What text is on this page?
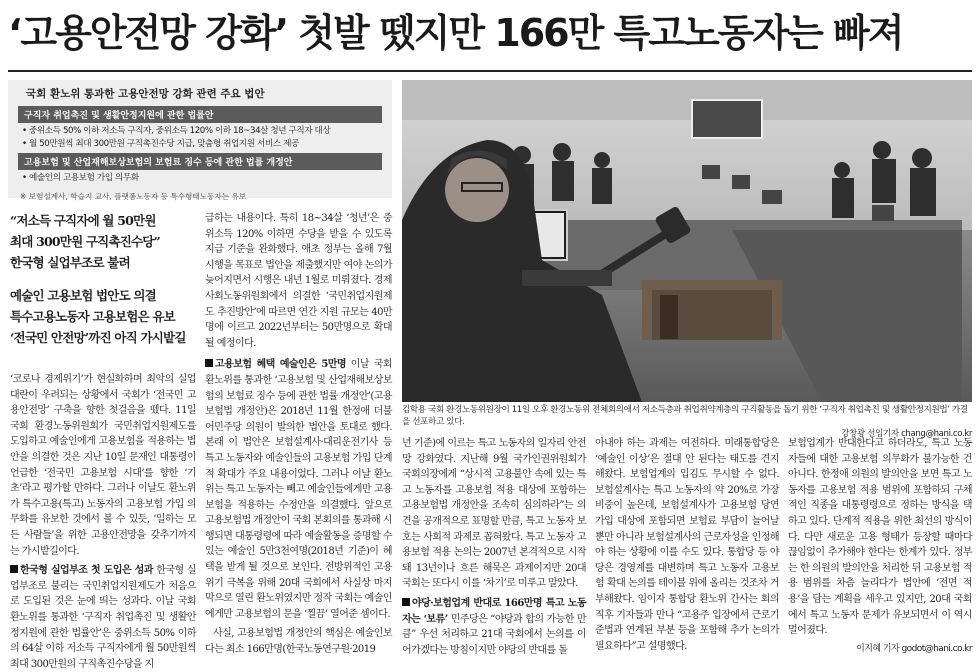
‘고용안전망 강화’ 첫발 뗐지만 166만 특고노동자는 빠져
국회 환노위 통과한 고용안전망 강화 관련 주요 법안
구직자 취업촉진 및 생활안정지원에 관한 법률안
• 중위소득 50% 이하 저소득 구직자, 중위소득 120% 이하 18~34살 청년 구직자 대상
• 월 50만원씩 최대 300만원 구직촉진수당 지급, 맞춤형 취업지원 서비스 제공
고용보험 및 산업재해보상보험의 보험료 징수 등에 관한 법률 개정안
• 예술인의 고용보험 가입 의무화
※ 보험설계사, 학습지 교사, 플랫폼노동자 등 특수형태노동자는 유보
“저소득 구직자에 월 50만원
최대 300만원 구직촉진수당”
한국형 실업부조로 불려
예술인 고용보험 법안도 의결
특수고용노동자 고용보험은 유보
‘전국민 안전망’까진 아직 가시밭길

‘코로나 경제위기’가 현실화하며 최악의 실업대란이 우려되는 상황에서 국회가 ‘전국민 고용안전망’ 구축을 향한 첫걸음을 뗐다. 11일 국회 환경노동위원회가 국민취업지원제도를 도입하고 예술인에게 고용보험을 적용하는 법안을 의결한 것은 지난 10일 문재인 대통령이 언급한 ‘전국민 고용보험 시대’를 향한 ‘기초’라고 평가할 만하다. 그러나 이날도 환노위가 특수고용(특고) 노동자의 고용보험 가입 의무화를 유보한 것에서 볼 수 있듯, ‘일하는 모든 사람들’을 위한 고용안전망을 갖추기까지는 가시밭길이다.

한국형 실업부조 첫 도입은 성과 한국형 실업부조로 불리는 국민취업지원제도가 처음으로 도입된 것은 눈에 띄는 성과다. 이날 국회 환노위를 통과한 ‘구직자 취업촉진 및 생활안정지원에 관한 법률안’은 중위소득 50% 이하의 64살 이하 저소득 구직자에게 월 50만원씩 최대 300만원의 구직촉진수당을 지

급하는 내용이다. 특히 18~34살 ‘청년’은 중위소득 120% 이하면 수당을 받을 수 있도록 지급 기준을 완화했다. 애초 정부는 올해 7월 시행을 목표로 법안을 제출했지만 여야 논의가 늦어지면서 시행은 내년 1월로 미뤄졌다. 경제사회노동위원회에서 의결한 ‘국민취업지원제도 추진방안’에 따르면 연간 지원 규모는 40만명에 이르고 2022년부터는 50만명으로 확대될 예정이다.

고용보험 혜택 예술인은 5만명 이날 국회 환노위를 통과한 ‘고용보험 및 산업재해보상보험의 보험료 징수 등에 관한 법률 개정안’(고용보험법 개정안)은 2018년 11월 한정애 더불어민주당 의원이 발의한 법안을 토대로 했다. 본래 이 법안은 보험설계사·대리운전기사 등 특고 노동자와 예술인들의 고용보험 가입 단계적 확대가 주요 내용이었다. 그러나 이날 환노위는 특고 노동자는 빼고 예술인들에게만 고용보험을 적용하는 수정안을 의결했다. 앞으로 고용보험법 개정안이 국회 본회의를 통과해 시행되면 대통령령에 따라 예술활동을 증명할 수 있는 예술인 5만3천여명(2018년 기준)이 혜택을 받게 될 것으로 보인다. 전방위적인 고용위기 극복을 위해 20대 국회에서 사실상 마지막으로 열린 환노위였지만 정작 국회는 예술인에게만 고용보험의 문을 ‘찔끔’ 열어준 셈이다.

사실, 고용보험법 개정안의 핵심은 예술인보다는 최소 166만명(한국노동연구원·2019

김학용 국회 환경노동위원장이 11일 오후 환경노동위 전체회의에서 저소득층과 취업취약계층의 구직활동을 돕기 위한 ‘구직자 취업촉진 및 생활안정지원법’ 가결을 선포하고 있다.
강창광 선임기자 chang@hani.co.kr

년 기준)에 이르는 특고 노동자의 일자리 안전망 강화였다. 지난해 9월 국가인권위원회가 국회의장에게 “상시적 고용불안 속에 있는 특고 노동자를 고용보험 적용 대상에 포함하는 고용보험법 개정안을 조속히 심의하라”는 의견을 공개적으로 표명할 만큼, 특고 노동자 보호는 사회적 과제로 꼽혀왔다. 특고 노동자 고용보험 적용 논의는 2007년 본격적으로 시작돼 13년이나 흐른 해묵은 과제이지만 20대 국회는 또다시 이를 ‘차기’로 미루고 말았다.

야당·보험업계 반대로 166만명 특고 노동자는 ‘보류’ 민주당은 “야당과 합의 가능한 만큼” 우선 처리하고 21대 국회에서 논의를 이어가겠다는 방침이지만 야당의 반대를 돌

아내야 하는 과제는 여전하다. 미래통합당은 ‘예술인 이상’은 절대 안 된다는 태도를 견지해왔다. 보험업계의 입김도 무시할 수 없다. 보험설계사는 특고 노동자의 약 20%로 가장 비중이 높은데, 보험설계사가 고용보험 당연가입 대상에 포함되면 보험료 부담이 늘어날 뿐만 아니라 보험설계사의 근로자성을 인정해야 하는 상황에 이를 수도 있다. 통합당 등 야당은 경영계를 대변하며 특고 노동자 고용보험 확대 논의를 테이블 위에 올리는 것조차 거부해왔다. 임이자 통합당 환노위 간사는 회의 직후 기자들과 만나 “고용주 입장에서 근로기준법과 연계된 부분 등을 포함해 추가 논의가 필요하다”고 설명했다.

보험업계가 반대한다고 하더라도, 특고 노동자들에 대한 고용보험 의무화가 불가능한 건 아니다. 한정애 의원의 발의안을 보면 특고 노동자를 고용보험 적용 범위에 포함하되 구체적인 직종을 대통령령으로 정하는 방식을 택하고 있다. 단계적 적용을 위한 최선의 방식이다. 다만 새로운 고용 형태가 등장할 때마다 끊임없이 추가해야 한다는 한계가 있다. 정부는 한 의원의 발의안을 처리한 뒤 고용보험 적용 범위를 차츰 늘리다가 법안에 ‘전면 적용’을 담는 계획을 세우고 있지만, 20대 국회에서 특고 노동자 문제가 유보되면서 이 역시 멀어졌다.

이지혜 기자 godot@hani.co.kr
